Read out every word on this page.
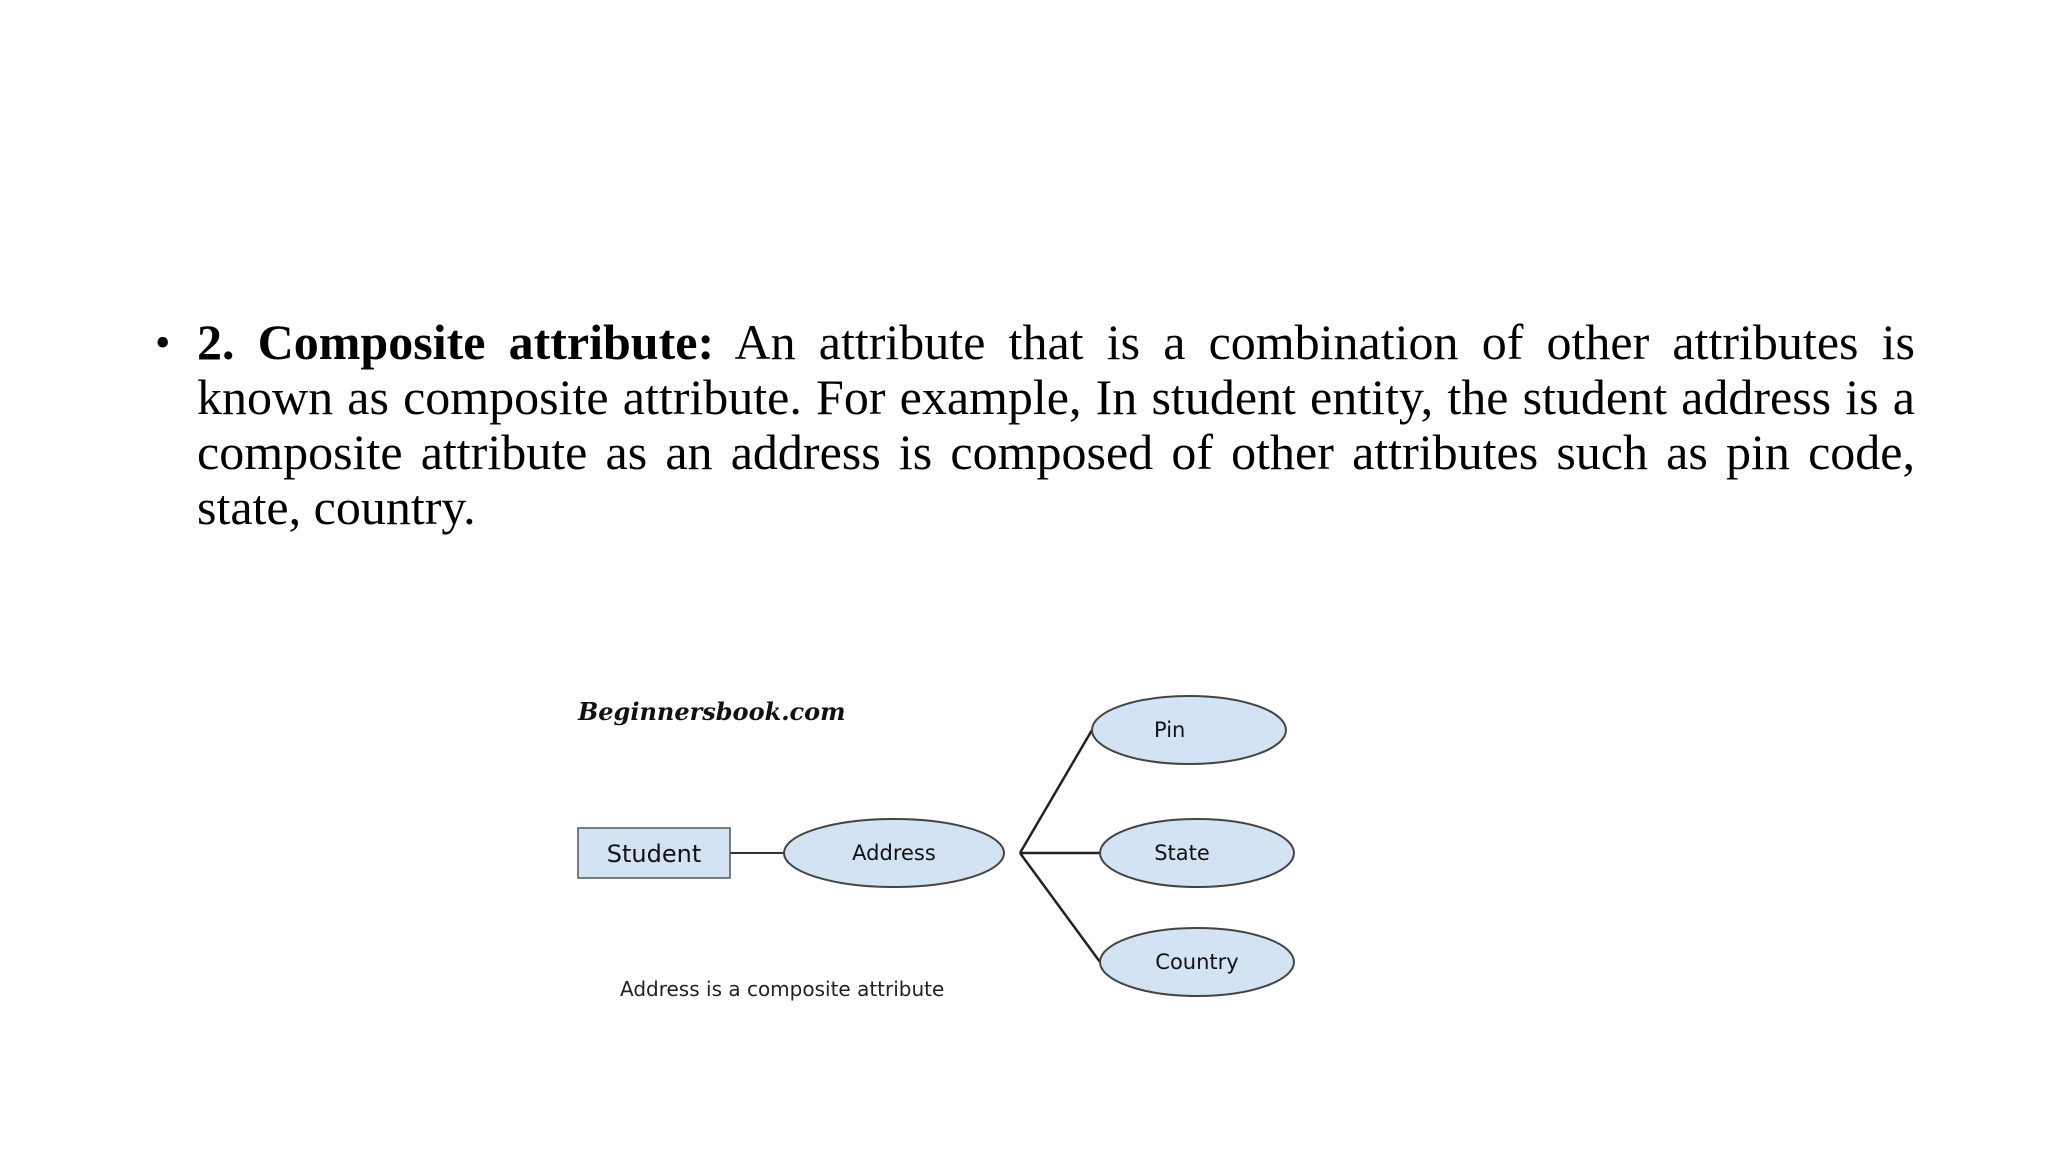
• 2. Composite attribute: An attribute that is a combination of other attributes is known as composite attribute. For example, In student entity, the student address is a composite attribute as an address is composed of other attributes such as pin code, state, country.
Beginnersbook.com
Student	Address
Pin
State
Country
Address is a composite attribute
